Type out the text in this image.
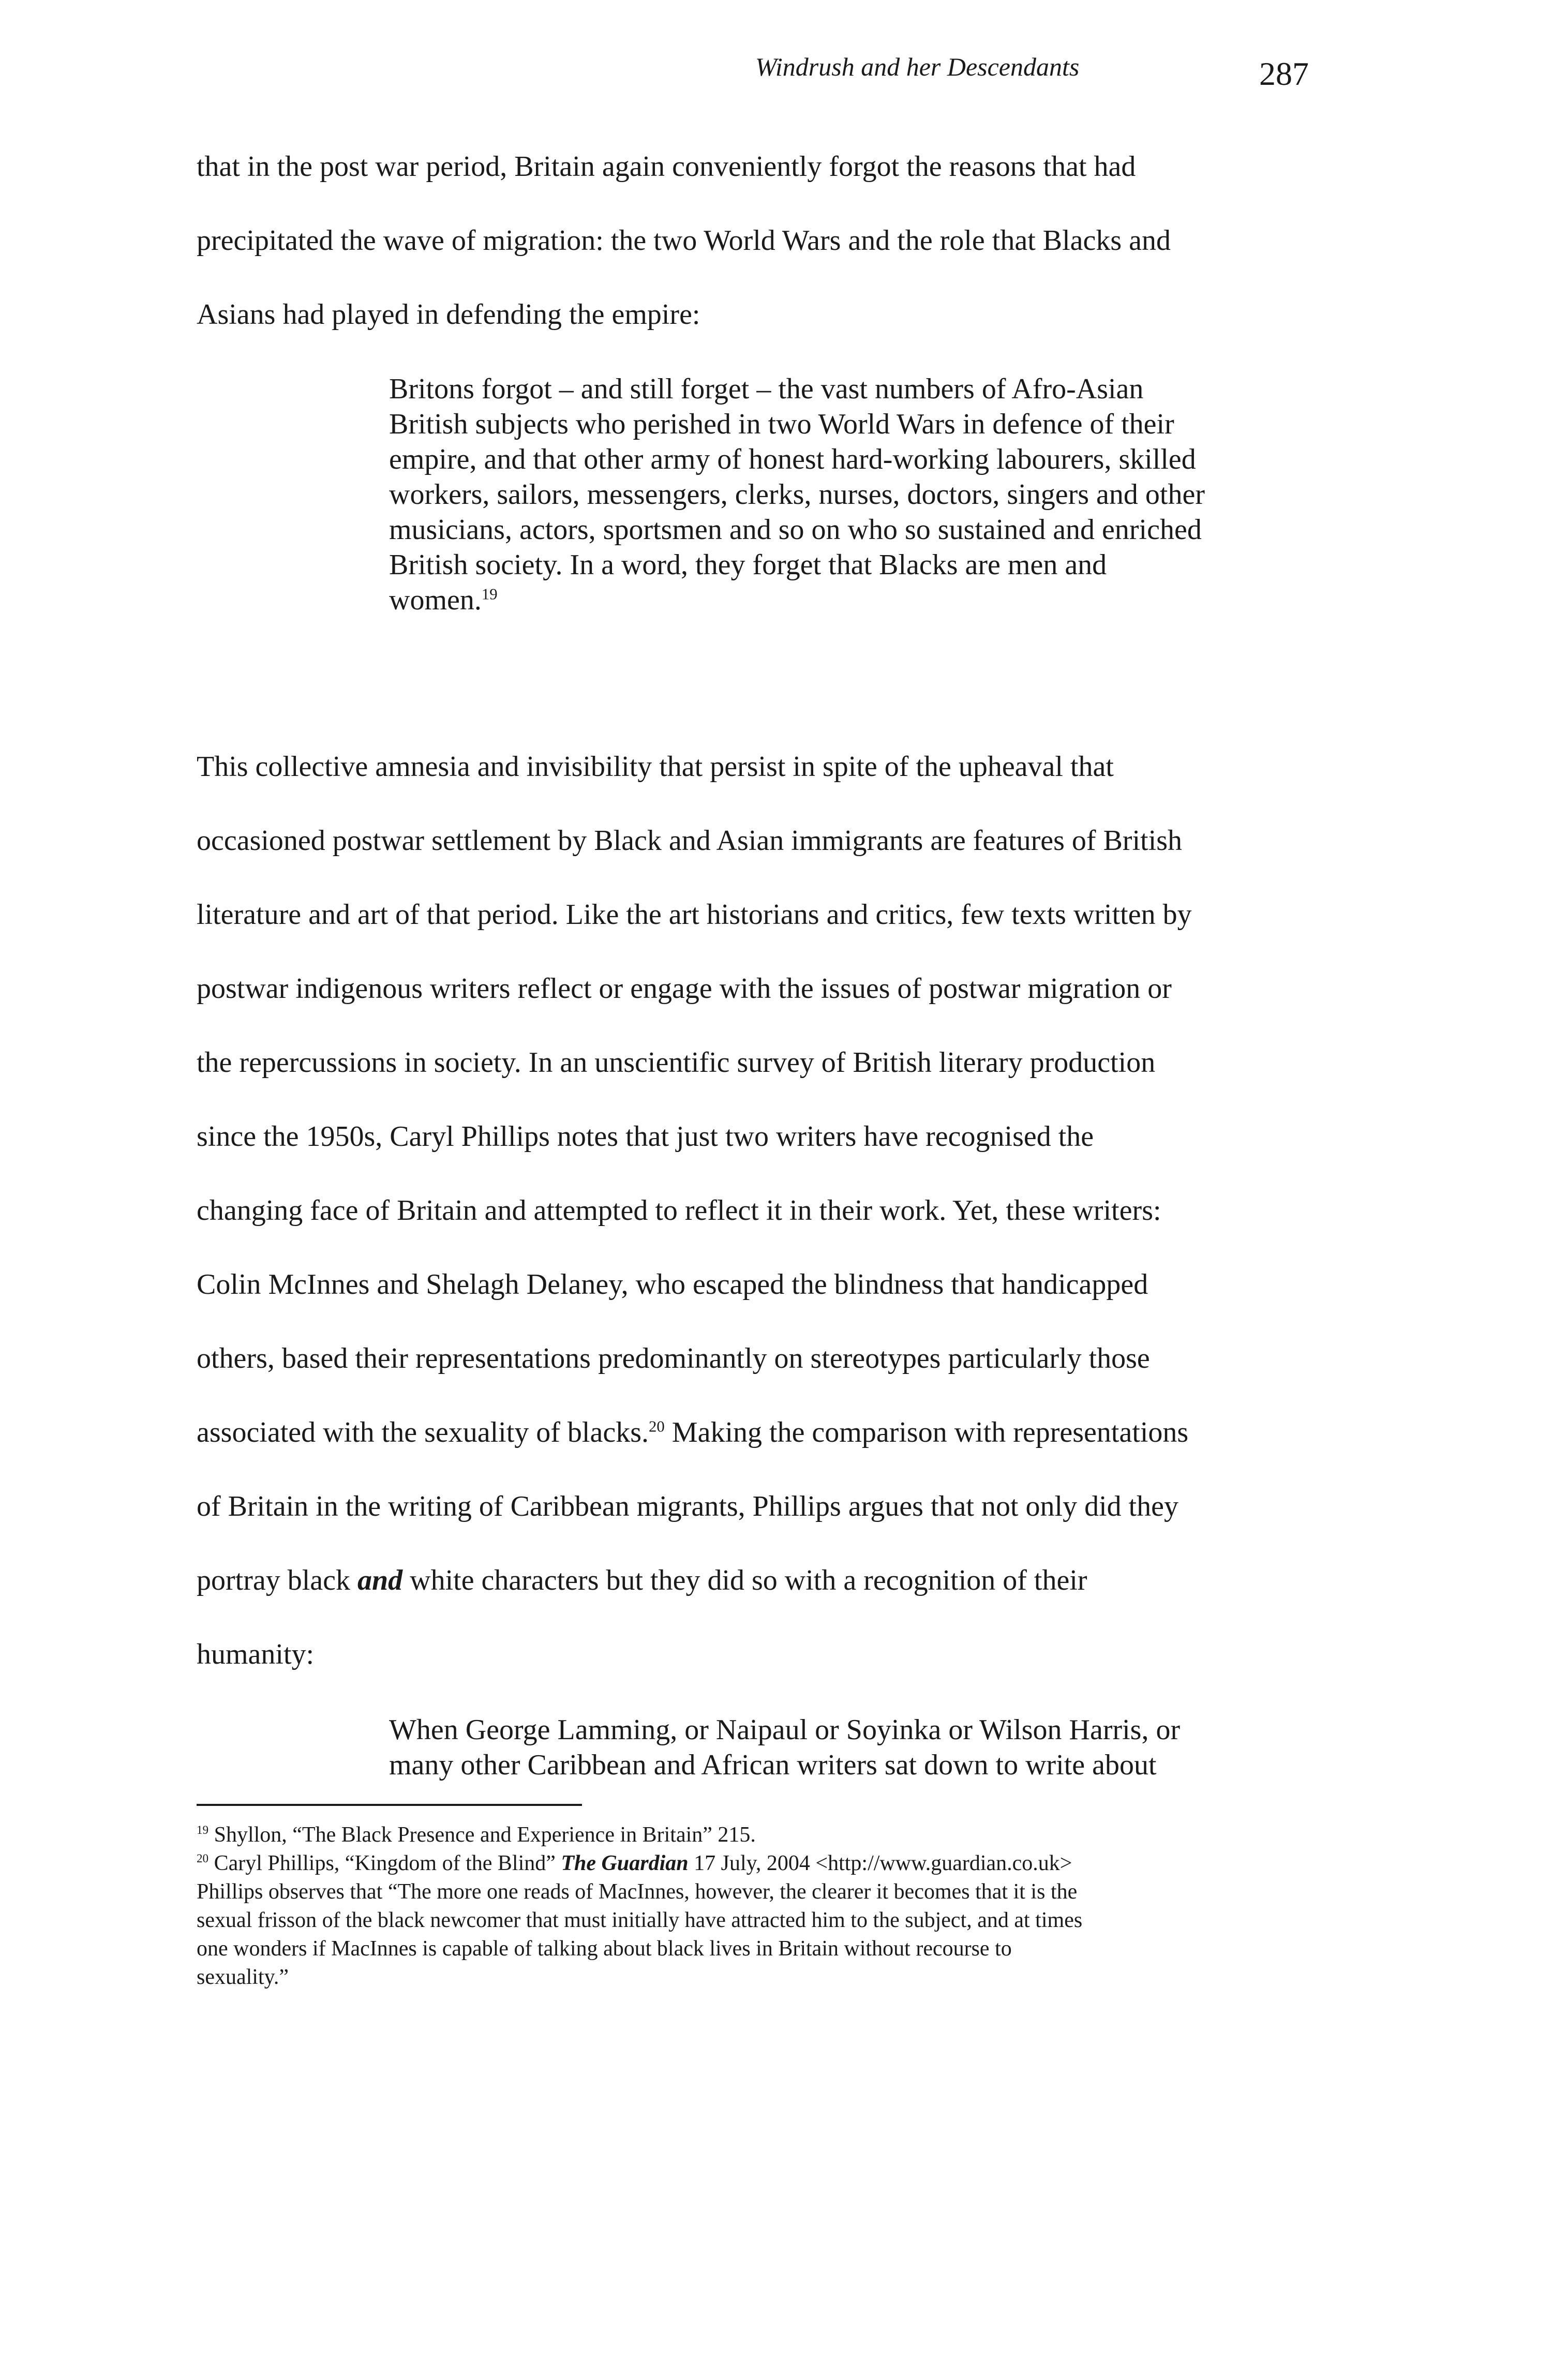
Windrush and her Descendants	287
that in the post war period, Britain again conveniently forgot the reasons that had
precipitated the wave of migration: the two World Wars and the role that Blacks and
Asians had played in defending the empire:
Britons forgot – and still forget – the vast numbers of Afro-Asian
British subjects who perished in two World Wars in defence of their
empire, and that other army of honest hard-working labourers, skilled
workers, sailors, messengers, clerks, nurses, doctors, singers and other
musicians, actors, sportsmen and so on who so sustained and enriched
British society. In a word, they forget that Blacks are men and
women.$^{19}$
This collective amnesia and invisibility that persist in spite of the upheaval that
occasioned postwar settlement by Black and Asian immigrants are features of British
literature and art of that period. Like the art historians and critics, few texts written by
postwar indigenous writers reflect or engage with the issues of postwar migration or
the repercussions in society. In an unscientific survey of British literary production
since the 1950s, Caryl Phillips notes that just two writers have recognised the
changing face of Britain and attempted to reflect it in their work. Yet, these writers:
Colin McInnes and Shelagh Delaney, who escaped the blindness that handicapped
others, based their representations predominantly on stereotypes particularly those
associated with the sexuality of blacks.$^{20}$ Making the comparison with representations
of Britain in the writing of Caribbean migrants, Phillips argues that not only did they
portray black and white characters but they did so with a recognition of their
humanity:
When George Lamming, or Naipaul or Soyinka or Wilson Harris, or
many other Caribbean and African writers sat down to write about
$^{19}$ Shyllon, “The Black Presence and Experience in Britain” 215.
$^{20}$ Caryl Phillips, “Kingdom of the Blind” The Guardian 17 July, 2004 <http://www.guardian.co.uk>
Phillips observes that “The more one reads of MacInnes, however, the clearer it becomes that it is the
sexual frisson of the black newcomer that must initially have attracted him to the subject, and at times
one wonders if MacInnes is capable of talking about black lives in Britain without recourse to
sexuality.”
